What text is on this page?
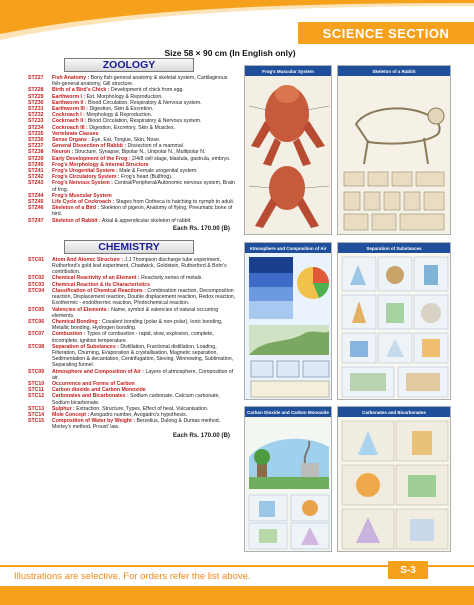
SCIENCE SECTION
Size 58 × 90 cm (In English only)
ZOOLOGY
STZ27	Fish Anatomy : Bony fish-general anatomy & skeletal system, Cartilaginous fish-general anatomy, Gill structure.
STZ28	Birth of a Bird's Chick : Development of chick from egg.
STZ29	Earthworm I : Ext. Morphology & Reproduction.
STZ30	Earthworm II : Blood Circulation, Respiratory & Nervous system.
STZ31	Earthworm III : Digestion, Skin & Excretion.
STZ32	Cockroach I : Morphology & Reproduction.
STZ33	Cockroach II : Blood Circulation, Respiratory & Nervous system.
STZ34	Cockroach III : Digestion, Excretory, Skin & Muscles.
STZ35	Vertebrate Classes
STZ36	Sense Organs : Eye, Ear, Tongue, Skin, Nose.
STZ37	General Dissection of Rabbit : Dissection of a mammal
STZ38	Neuron : Structure, Synapse, Bipolar N., Unipolar N., Multipolar N.
STZ39	Early Development of the Frog : 2/4/8 cell stage, blastula, gastrula, embryo.
STZ40	Frog's Morphology & Internal Structure
STZ41	Frog's Urogenital System : Male & Female urogenital system.
STZ42	Frog's Circulatory System : Frog's heart (Bullfrog).
STZ43	Frog's Nervous System : Central/Peripheral/Autonomic nervous system, Brain of frog.
STZ44	Frog's Muscular System
STZ45	Life Cycle of Cockroach : Stages from Ootheca to hatching to nymph to adult.
STZ46	Skeleton of a Bird : Skeleton of pigeon, Anatomy of flying, Pneumatic bone of bird.
STZ47	Skeleton of Rabbit : Axial & appendicular skeleton of rabbit.
Each Rs. 170.00 (B)
CHEMISTRY
STC01	Atom And Atomic Structure : J.J Thompson discharge tube experiment, Rutherford's gold leaf experiment, Chadwick, Goldstein, Rutherford & Bohr's contribution.
STC02	Chemical Reactivity of an Element : Reactivity series of metals.
STC03	Chemical Reaction & its Characteristics
STC04	Classification of Chemical Reactions : Combination reaction, Decomposition reaction, Displacement reaction, Double displacement reaction, Redox reaction, Exothermic - endothermic reaction, Photochemical reaction.
STC05	Valencies of Elements : Name, symbol & valencies of natural occurring elements.
STC06	Chemical Bonding : Covalent bonding (polar & non-polar), Ionic bonding, Metallic bonding, Hydrogen bonding.
STC07	Combustion : Types of combustion - rapid, slow, explosion, complete, incomplete, ignition temperature.
STC08	Separation of Substances : Distillation, Fractional distillation, Loading, Filteration, Churning, Evaporation & crystallisation, Magnetic separation, Sedimentation & decantation, Centrifugation, Sieving, Winnowing, Sublimation, Separating funnel.
STC09	Atmosphere and Composition of Air : Layers of atmosphere, Composition of air.
STC10	Occurrence and Forms of Carbon
STC11	Carbon dioxide and Carbon Monoxide
STC12	Carbonates and Bicarbonates : Sodium carbonate, Calcium carbonate, Sodium bicarbonate.
STC13	Sulphur : Extraction, Structure, Types, Effect of heat, Vulcanisation.
STC14	Mole Concept : Avogadro number, Avogadro's hypothesis.
STC15	Composition of Water by Weight : Berzelius, Dulong & Dumas method, Morley's method, Proust' law.
Each Rs. 170.00 (B)
Frog's Muscular System	Skeleton of a Rabbit
Atmosphere and Composition of Air	Separation of Substances
Carbon Dioxide and Carbon Monoxide	Carbonates and Bicarbonates
Illustrations are selective. For orders refer the list above.
S-3
